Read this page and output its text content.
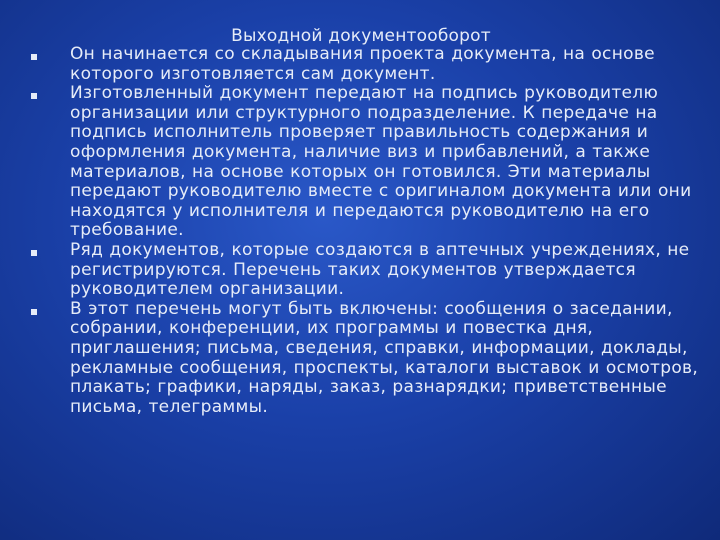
Выходной документооборот
Он начинается со складывания проекта документа, на основе которого изготовляется сам документ.
Изготовленный документ передают на подпись руководителю организации или структурного подразделение. К передаче на подпись исполнитель проверяет правильность содержания и оформления документа, наличие виз и прибавлений, а также материалов, на основе которых он готовился. Эти материалы передают руководителю вместе с оригиналом документа или они находятся у исполнителя и передаются руководителю на его требование.
Ряд документов, которые создаются в аптечных учреждениях, не регистрируются. Перечень таких документов утверждается руководителем организации.
В этот перечень могут быть включены: сообщения о заседании, собрании, конференции, их программы и повестка дня, приглашения; письма, сведения, справки, информации, доклады, рекламные сообщения, проспекты, каталоги выставок и осмотров, плакать; графики, наряды, заказ, разнарядки; приветственные письма, телеграммы.
